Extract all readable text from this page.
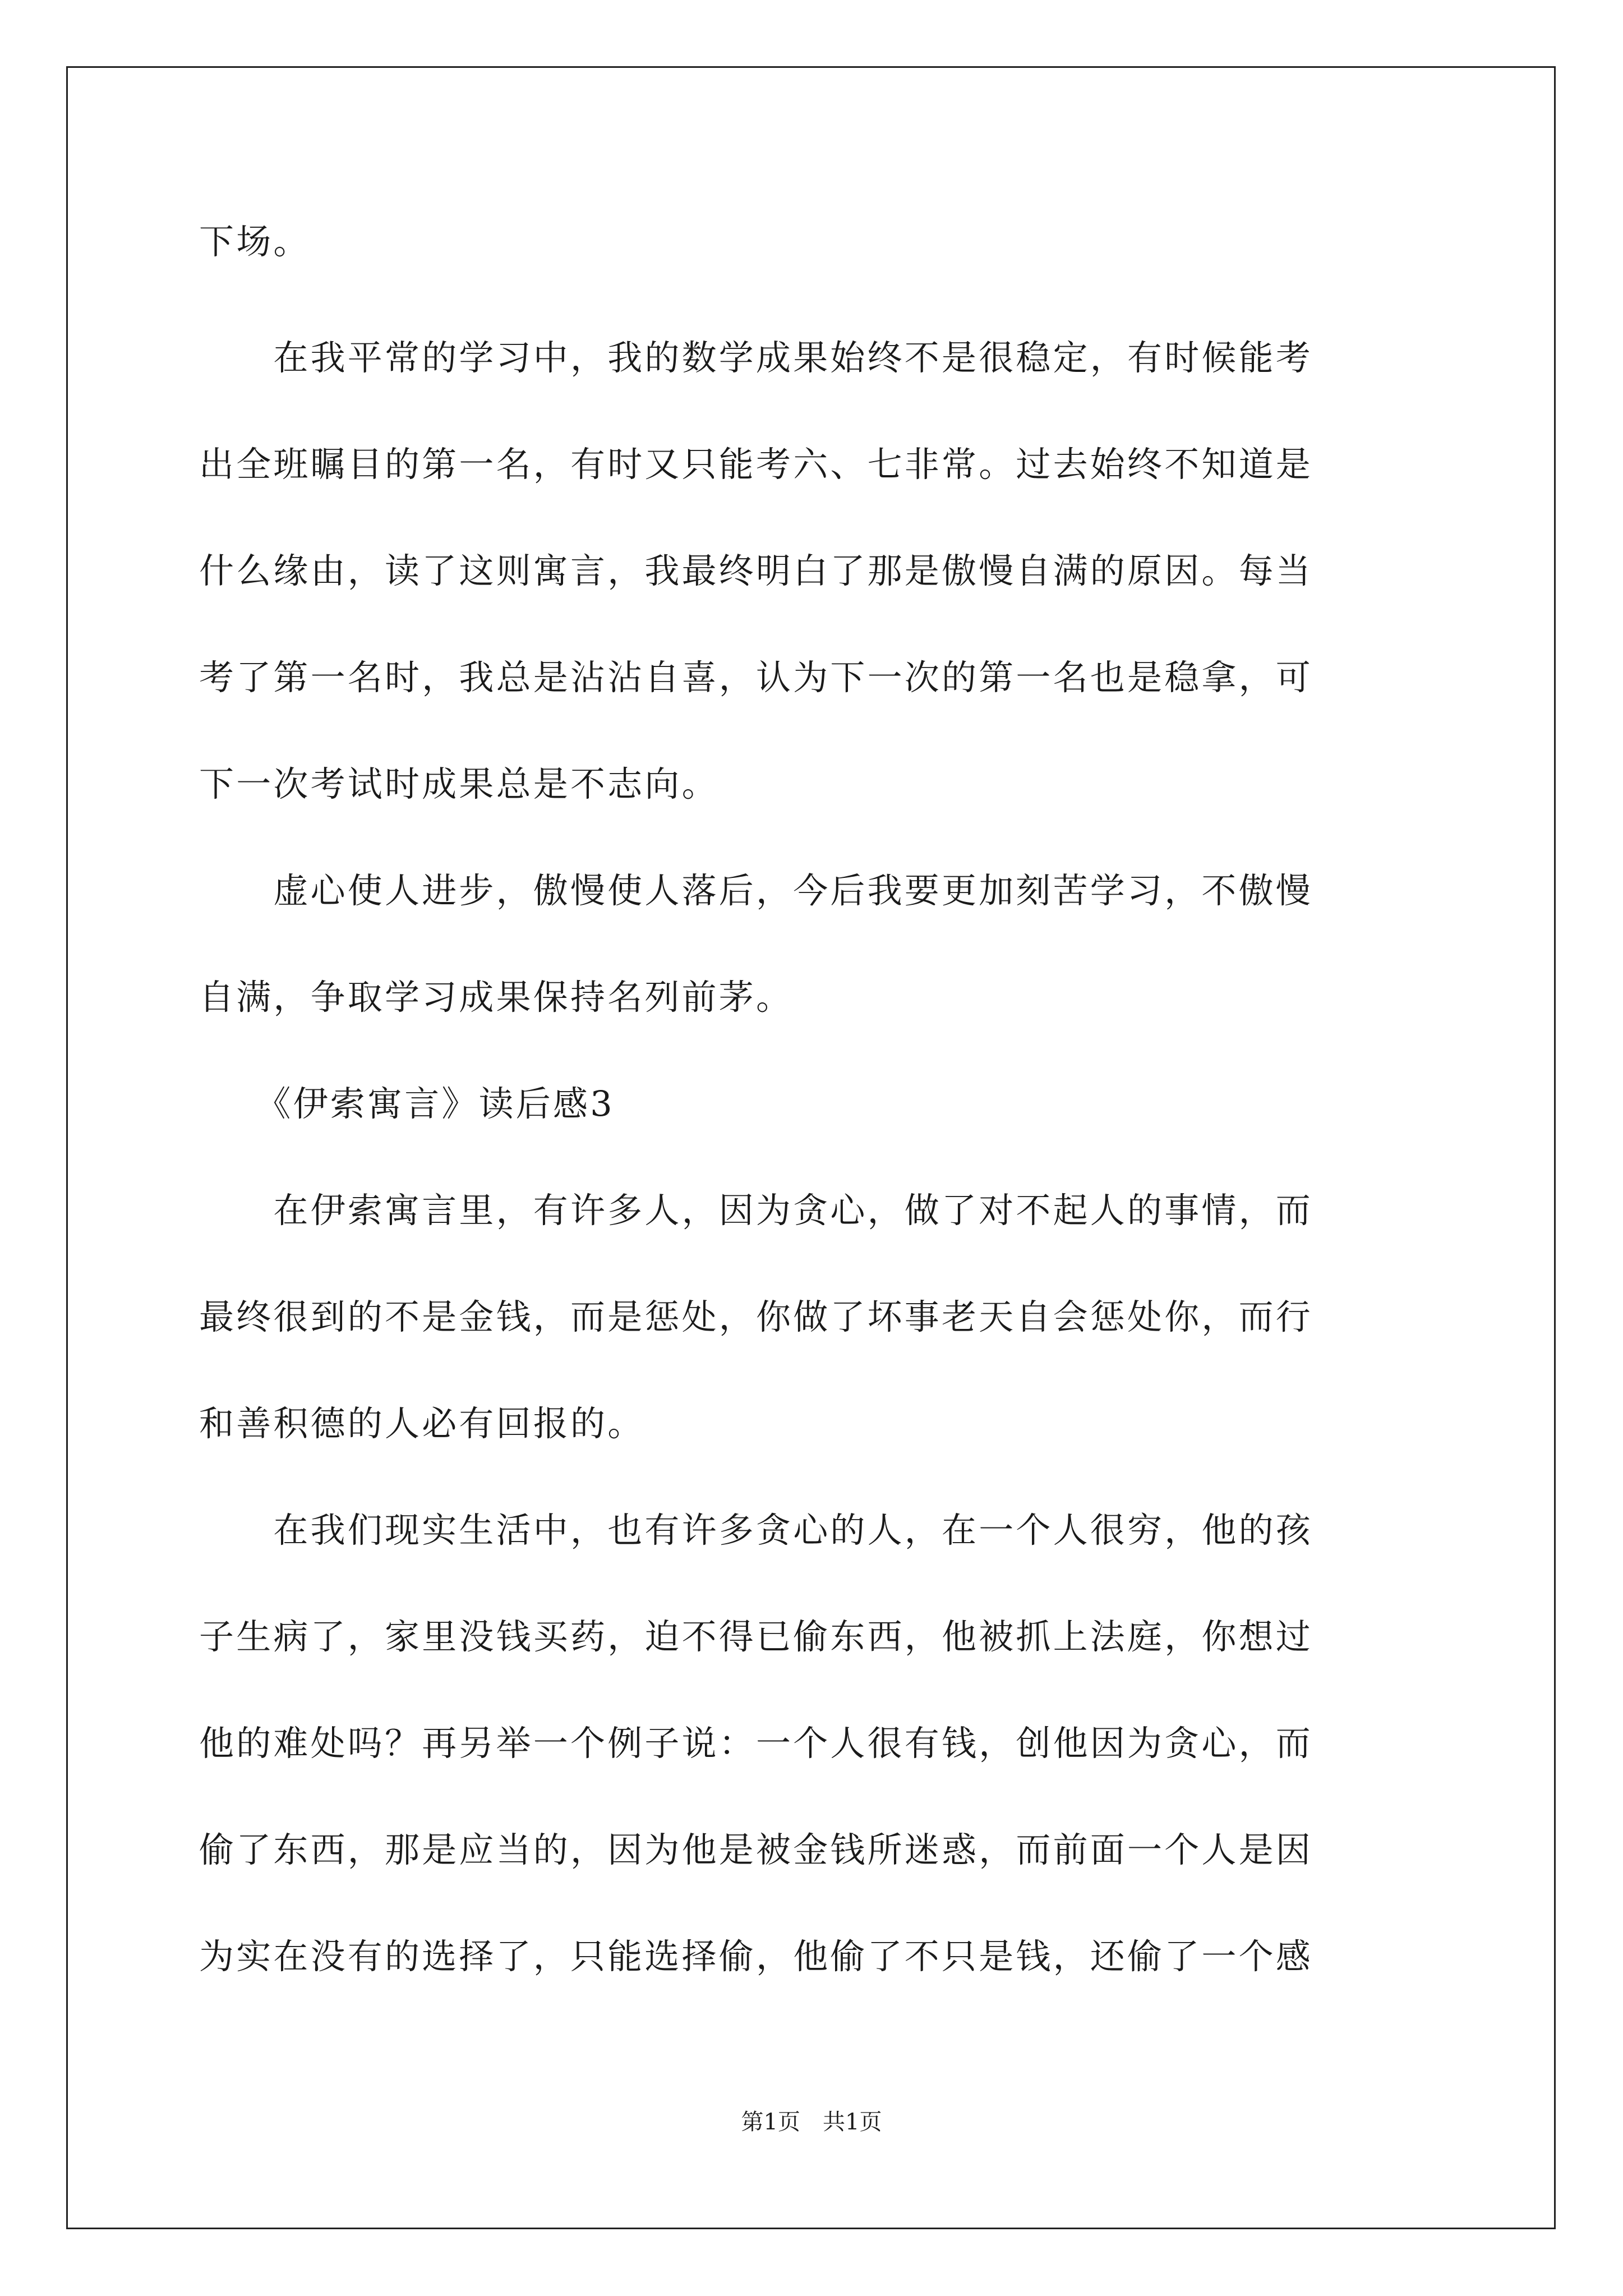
下场。
　　在我平常的学习中，我的数学成果始终不是很稳定，有时候能考
出全班瞩目的第一名，有时又只能考六、七非常。过去始终不知道是
什么缘由，读了这则寓言，我最终明白了那是傲慢自满的原因。每当
考了第一名时，我总是沾沾自喜，认为下一次的第一名也是稳拿，可
下一次考试时成果总是不志向。
　　虚心使人进步，傲慢使人落后，今后我要更加刻苦学习，不傲慢
自满，争取学习成果保持名列前茅。
　　《伊索寓言》读后感3
　　在伊索寓言里，有许多人，因为贪心，做了对不起人的事情，而
最终很到的不是金钱，而是惩处，你做了坏事老天自会惩处你，而行
和善积德的人必有回报的。
　　在我们现实生活中，也有许多贪心的人，在一个人很穷，他的孩
子生病了，家里没钱买药，迫不得已偷东西，他被抓上法庭，你想过
他的难处吗？再另举一个例子说：一个人很有钱，创他因为贪心，而
偷了东西，那是应当的，因为他是被金钱所迷惑，而前面一个人是因
为实在没有的选择了，只能选择偷，他偷了不只是钱，还偷了一个感
第1页　共1页
